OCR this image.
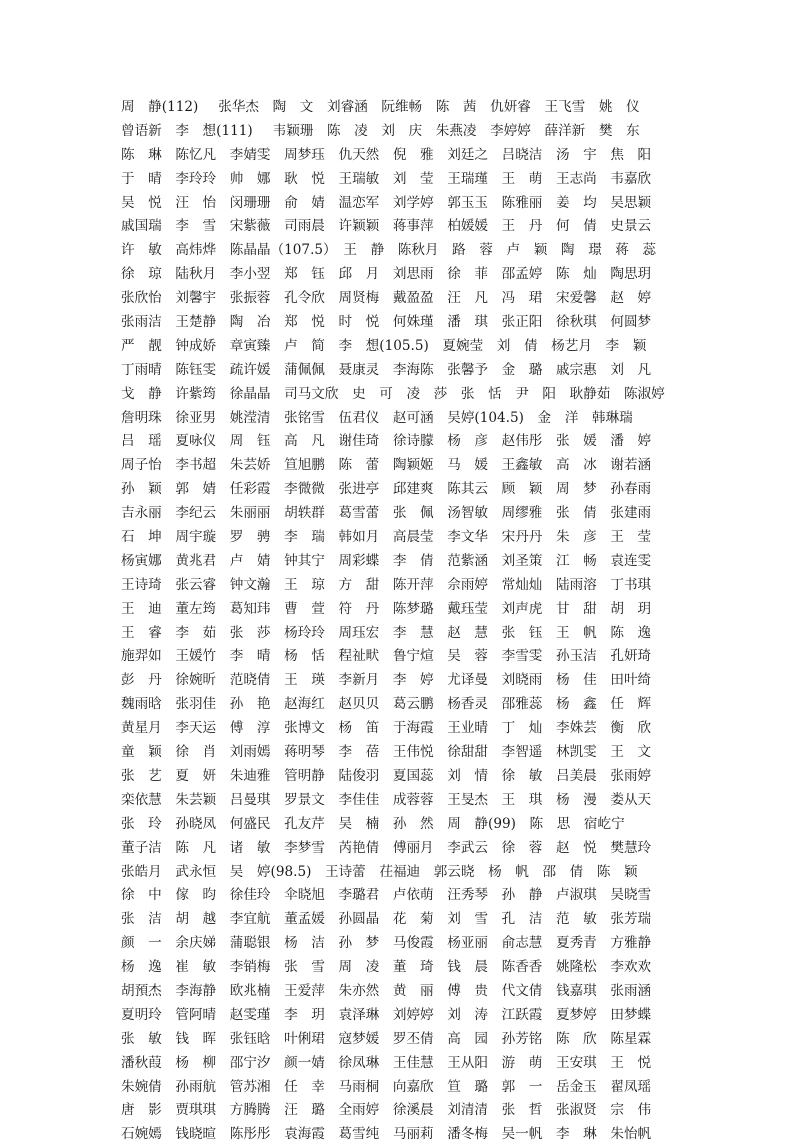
周　静(112)　 张华杰　陶　文　刘睿涵　阮维畅　陈　茜　仇妍睿　王飞雪　姚　仪
曾语新　李　想(111)　 韦颖珊　陈　凌　刘　庆　朱燕凌　李婷婷　薛洋新　樊　东
陈　琳　陈忆凡　李婧雯　周梦珏　仇天然　倪　雅　刘廷之　吕晓洁　汤　宇　焦　阳
于　晴　李玲玲　帅　娜　耿　悦　王瑞敏　刘　莹　王瑞瑾　王　萌　王志尚　韦嘉欣
吴　悦　汪　怡　闵珊珊　俞　婧　温恋军　刘学婷　郭玉玉　陈雅丽　姜　均　吴思颖
戚国瑞　李　雪　宋紫薇　司雨晨　许颖颖　蒋事萍　柏媛媛　王　丹　何　倩　史景云
许　敏　高炜烨　陈晶晶（107.5）　王　静　陈秋月　路　蓉　卢　颖　陶　璟　蒋　蕊
徐　琼　陆秋月　李小翌　郑　钰　邱　月　刘思雨　徐　菲　邵孟婷　陈　灿　陶思玥
张欣怡　刘馨宇　张振蓉　孔令欣　周贤梅　戴盈盈　汪　凡　冯　珺　宋爱馨　赵　婷
张雨洁　王楚静　陶　冶　郑　悦　时　悦　何姝瑾　潘　琪　张正阳　徐秋琪　何圆梦
严　靓　钟成娇　章寅臻　卢　简　李　想(105.5)　夏婉莹　刘　倩　杨艺月　李　颖
丁雨晴　陈钰雯　疏许媛　蒲佩佩　聂康灵　李海陈　张馨予　金　璐　戚宗惠　刘　凡
戈　静　许紫筠　徐晶晶　司马文欣　史　可　凌　莎　张　恬　尹　阳　耿静茹　陈淑婷
詹明珠　徐亚男　姚滢清　张铭雪　伍君仪　赵可涵　吴婷(104.5)　金　洋　韩琳瑞
吕　瑶　夏咏仪　周　钰　高　凡　谢佳琦　徐诗朦　杨　彦　赵伟彤　张　媛　潘　婷
周子怡　李书超　朱芸娇　笪旭鹏　陈　蕾　陶颖姬　马　媛　王鑫敏　高　冰　谢若涵
孙　颖　郭　婧　任彩霞　李微微　张进亭　邱建爽　陈其云　顾　颖　周　梦　孙春雨
吉永丽　李纪云　朱丽丽　胡轶群　葛雪蕾　张　佩　汤智敏　周缪雅　张　倩　张建雨
石　坤　周宇璇　罗　骋　李　瑞　韩如月　高晨莹　李文华　宋丹丹　朱　彦　王　莹
杨寅娜　黄兆君　卢　婧　钟其宁　周彩蝶　李　倩　范紫涵　刘圣策　江　畅　袁连雯
王诗琦　张云睿　钟文瀚　王　琼　方　甜　陈开萍　佘雨婷　常灿灿　陆雨溶　丁书琪
王　迪　董左筠　葛知玮　曹　萱　符　丹　陈梦璐　戴珏莹　刘声虎　甘　甜　胡　玥
王　睿　李　茹　张　莎　杨玲玲　周珏宏　李　慧　赵　慧　张　钰　王　帆　陈　逸
施羿如　王媛竹　李　晴　杨　恬　程祉畎　鲁宁煊　吴　蓉　李雪雯　孙玉洁　孔妍琦
彭　丹　徐婉昕　范晓倩　王　瑛　李新月　李　婷　尤译曼　刘晓雨　杨　佳　田叶绮
魏雨晗　张羽佳　孙　艳　赵海红　赵贝贝　葛云鹏　杨香灵　邵雅蕊　杨　鑫　任　辉
黄星月　李天运　傅　淳　张博文　杨　笛　于海霞　王业晴　丁　灿　李姝芸　衡　欣
童　颖　徐　肖　刘雨嫣　蒋明琴　李　蓓　王伟悦　徐甜甜　李智遥　林凯雯　王　文
张　艺　夏　妍　朱迪雅　管明静　陆俊羽　夏国蕊　刘　情　徐　敏　吕美晨　张雨婷
栾依慧　朱芸颖　吕曼琪　罗景文　李佳佳　成蓉蓉　王旻杰　王　琪　杨　漫　娄从天
张　玲　孙晓凤　何盛民　孔友芹　吴　楠　孙　然　周　静(99)　陈　思　宿屹宁
董子洁　陈　凡　诸　敏　李梦雪　芮艳倩　傅丽月　李武云　徐　蓉　赵　悦　樊慧玲
张皓月　武永恒　吴　婷(98.5)　王诗蕾　茌福迪　郭云晓　杨　帆　邵　倩　陈　颖
徐　中　傢　昀　徐佳玲　伞晓旭　李璐君　卢依萌　汪秀琴　孙　静　卢淑琪　吴晓雪
张　洁　胡　越　李宜航　董孟媛　孙圆晶　花　菊　刘　雪　孔　洁　范　敏　张芳瑞
颜　一　余庆娣　蒲聪银　杨　洁　孙　梦　马俊霞　杨亚丽　俞志慧　夏秀青　方雅静
杨　逸　崔　敏　李销梅　张　雪　周　凌　董　琦　钱　晨　陈香香　姚隆松　李欢欢
胡預杰　李海静　欧兆楠　王爱萍　朱亦然　黄　丽　傅　贵　代文倩　钱嘉琪　张雨涵
夏明玲　管阿晴　赵雯瑾　李　玥　袁泽琳　刘婷婷　刘　涛　江跃霞　夏梦婷　田梦蝶
张　敏　钱　晖　张钰晗　叶俐珺　寇梦媛　罗丕倩　高　园　孙芳铭　陈　欣　陈星霖
潘秋葭　杨　柳　邵宁汐　颜一婧　徐凤琳　王佳慧　王从阳　游　萌　王安琪　王　悦
朱婉倩　孙雨航　管苏湘　任　幸　马雨桐　向嘉欣　笪　璐　郭　一　岳金玉　翟凤瑶
唐　影　贾琪琪　方腾腾　汪　璐　全雨婷　徐溪晨　刘清清　张　哲　张淑贤　宗　伟
石婉嫣　钱晓暄　陈彤彤　袁海霞　葛雪纯　马丽莉　潘冬梅　吴一帆　李　琳　朱怡帆
